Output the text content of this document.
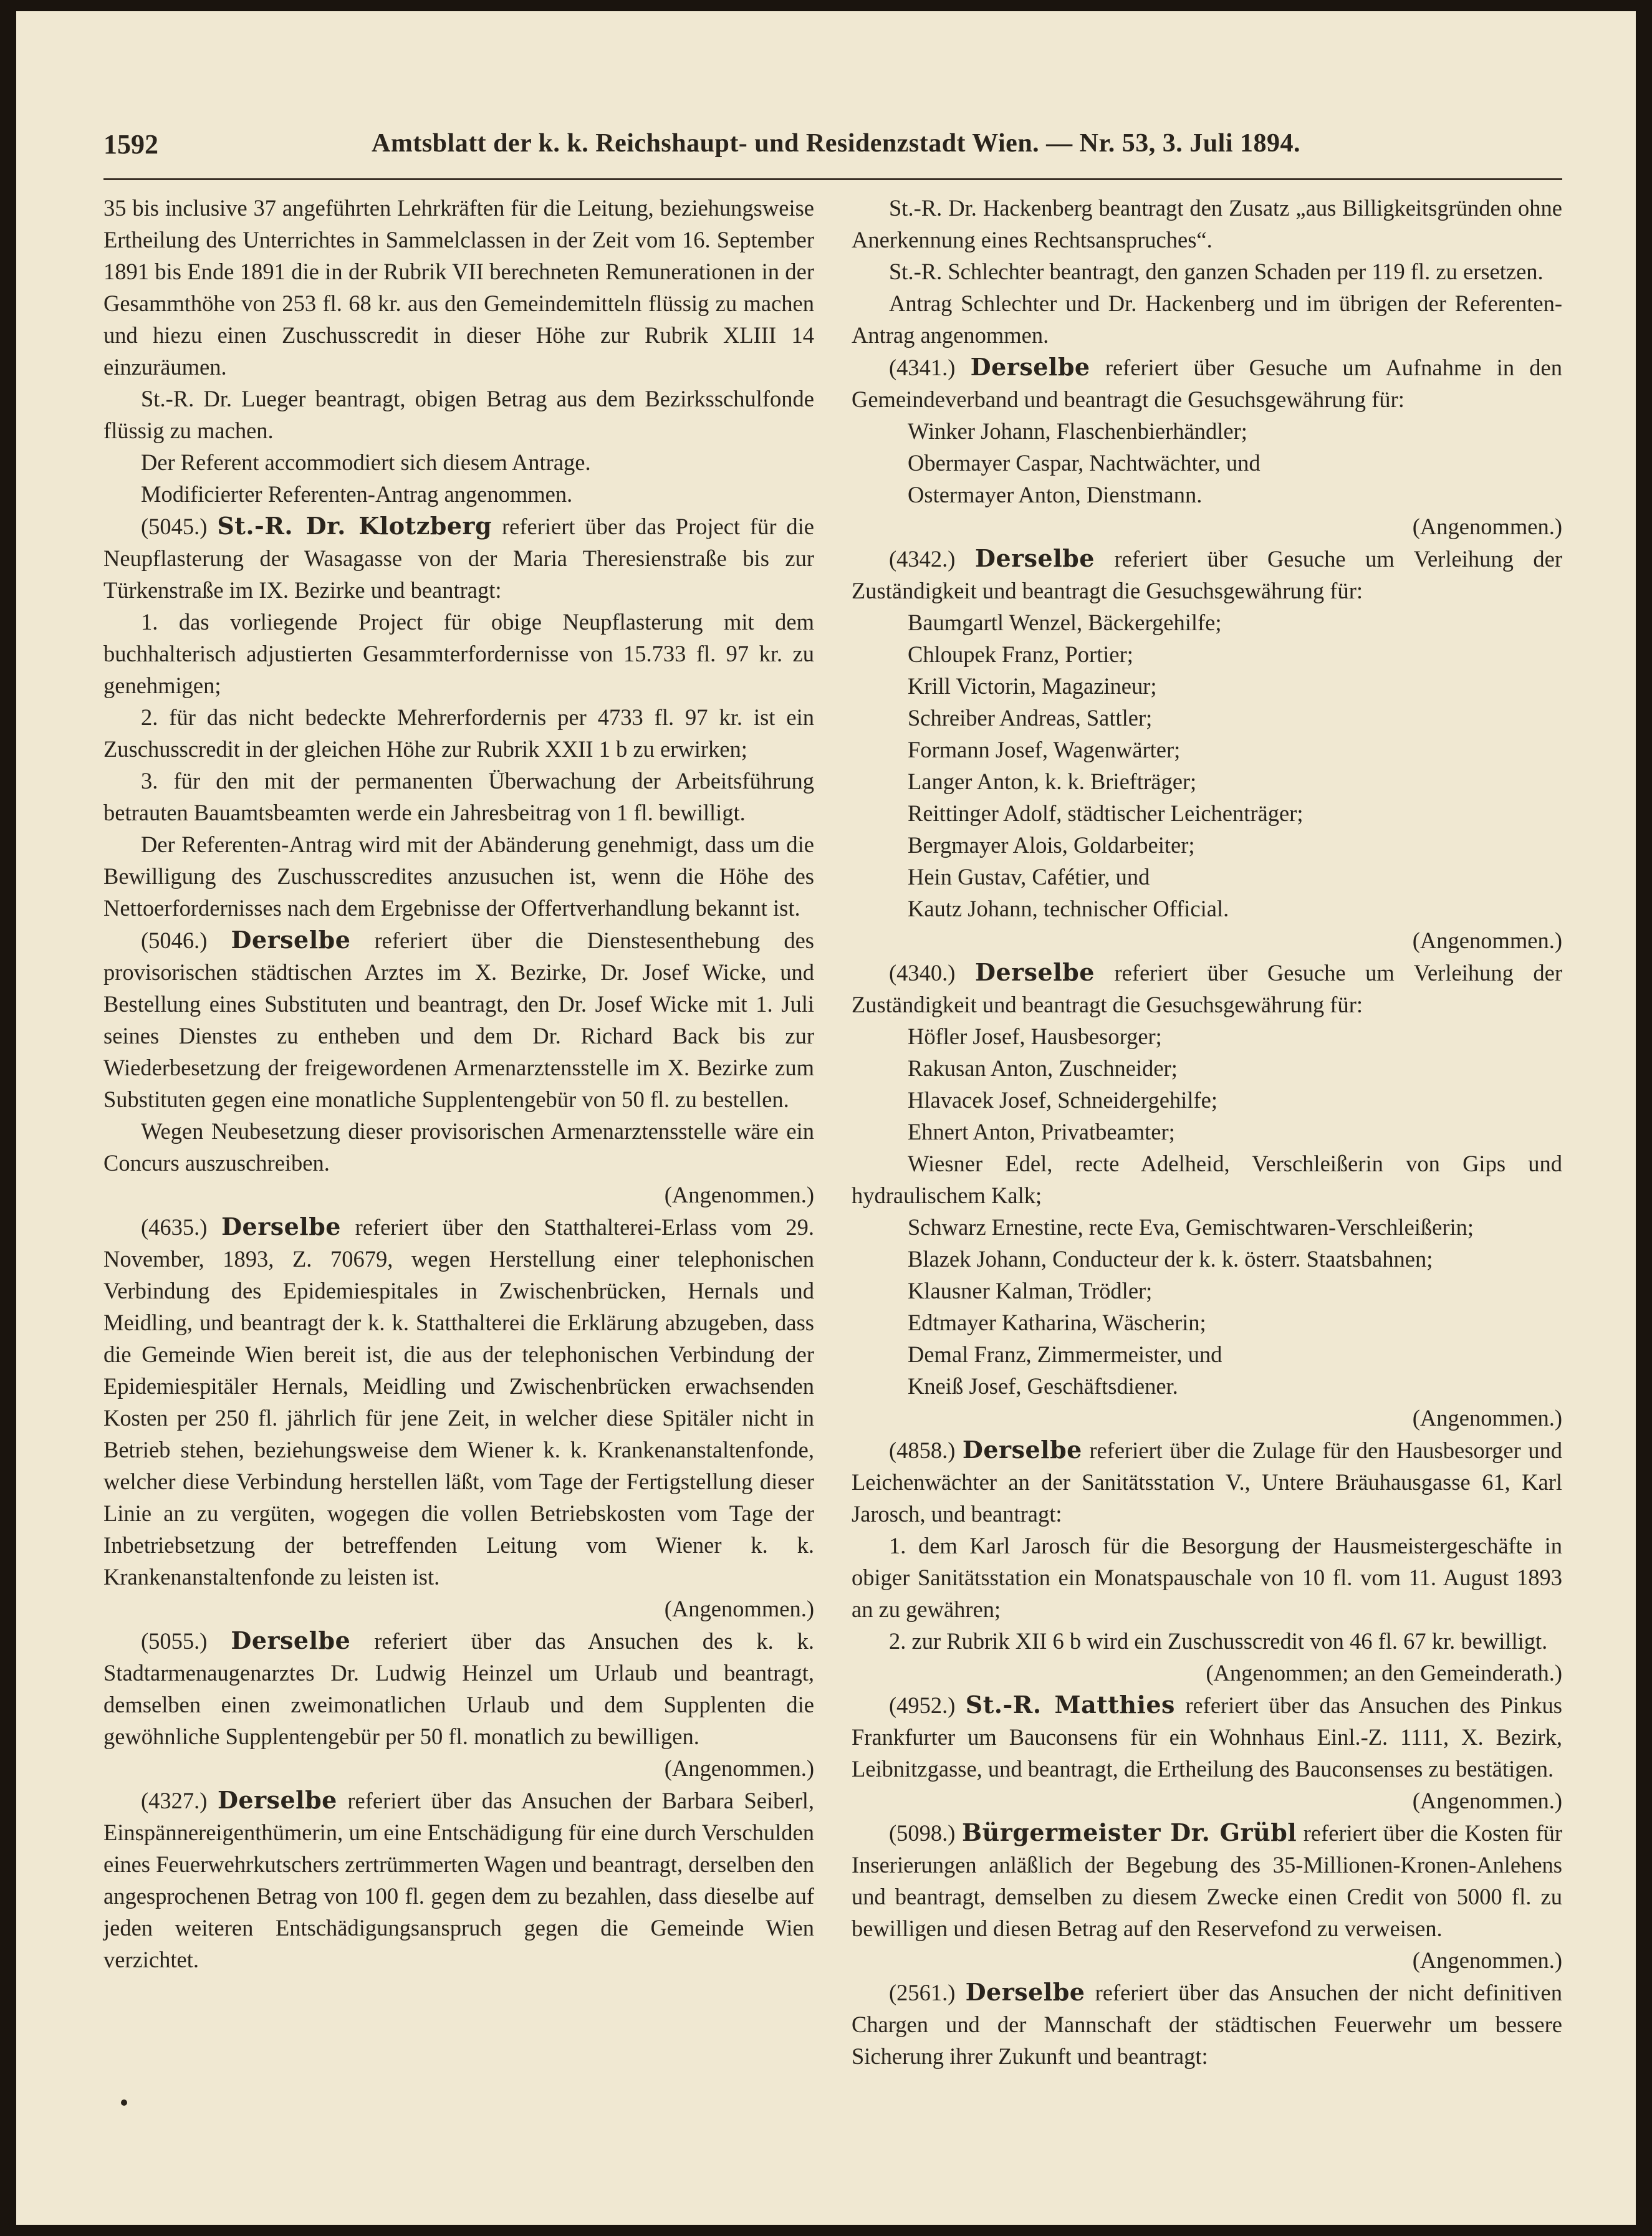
1592	Amtsblatt der k. k. Reichshaupt- und Residenzstadt Wien. — Nr. 53, 3. Juli 1894.

35 bis inclusive 37 angeführten Lehrkräften für die Leitung, beziehungsweise Ertheilung des Unterrichtes in Sammelclassen in der Zeit vom 16. September 1891 bis Ende 1891 die in der Rubrik VII berechneten Remunerationen in der Gesammthöhe von 253 fl. 68 kr. aus den Gemeindemitteln flüssig zu machen und hiezu einen Zuschusscredit in dieser Höhe zur Rubrik XLIII 14 einzuräumen.

St.-R. Dr. Lueger beantragt, obigen Betrag aus dem Bezirksschulfonde flüssig zu machen.

Der Referent accommodiert sich diesem Antrage.

Modificierter Referenten-Antrag angenommen.

(5045.) St.-R. Dr. Klotzberg referiert über das Project für die Neupflasterung der Wasagasse von der Maria Theresienstraße bis zur Türkenstraße im IX. Bezirke und beantragt:

1. das vorliegende Project für obige Neupflasterung mit dem buchhalterisch adjustierten Gesammterfordernisse von 15.733 fl. 97 kr. zu genehmigen;

2. für das nicht bedeckte Mehrerfordernis per 4733 fl. 97 kr. ist ein Zuschusscredit in der gleichen Höhe zur Rubrik XXII 1 b zu erwirken;

3. für den mit der permanenten Überwachung der Arbeitsführung betrauten Bauamtsbeamten werde ein Jahresbeitrag von 1 fl. bewilligt.

Der Referenten-Antrag wird mit der Abänderung genehmigt, dass um die Bewilligung des Zuschusscredites anzusuchen ist, wenn die Höhe des Nettoerfordernisses nach dem Ergebnisse der Offertverhandlung bekannt ist.

(5046.) Derselbe referiert über die Dienstesenthebung des provisorischen städtischen Arztes im X. Bezirke, Dr. Josef Wicke, und Bestellung eines Substituten und beantragt, den Dr. Josef Wicke mit 1. Juli seines Dienstes zu entheben und dem Dr. Richard Back bis zur Wiederbesetzung der freigewordenen Armenarztensstelle im X. Bezirke zum Substituten gegen eine monatliche Supplentengebür von 50 fl. zu bestellen.

Wegen Neubesetzung dieser provisorischen Armenarztensstelle wäre ein Concurs auszuschreiben.

(Angenommen.)

(4635.) Derselbe referiert über den Statthalterei-Erlass vom 29. November, 1893, Z. 70679, wegen Herstellung einer telephonischen Verbindung des Epidemiespitales in Zwischenbrücken, Hernals und Meidling, und beantragt der k. k. Statthalterei die Erklärung abzugeben, dass die Gemeinde Wien bereit ist, die aus der telephonischen Verbindung der Epidemiespitäler Hernals, Meidling und Zwischenbrücken erwachsenden Kosten per 250 fl. jährlich für jene Zeit, in welcher diese Spitäler nicht in Betrieb stehen, beziehungsweise dem Wiener k. k. Krankenanstaltenfonde, welcher diese Verbindung herstellen läßt, vom Tage der Fertigstellung dieser Linie an zu vergüten, wogegen die vollen Betriebskosten vom Tage der Inbetriebsetzung der betreffenden Leitung vom Wiener k. k. Krankenanstaltenfonde zu leisten ist.

(Angenommen.)

(5055.) Derselbe referiert über das Ansuchen des k. k. Stadtarmenaugenarztes Dr. Ludwig Heinzel um Urlaub und beantragt, demselben einen zweimonatlichen Urlaub und dem Supplenten die gewöhnliche Supplentengebür per 50 fl. monatlich zu bewilligen.

(Angenommen.)

(4327.) Derselbe referiert über das Ansuchen der Barbara Seiberl, Einspännereigenthümerin, um eine Entschädigung für eine durch Verschulden eines Feuerwehrkutschers zertrümmerten Wagen und beantragt, derselben den angesprochenen Betrag von 100 fl. gegen dem zu bezahlen, dass dieselbe auf jeden weiteren Entschädigungsanspruch gegen die Gemeinde Wien verzichtet.

St.-R. Dr. Hackenberg beantragt den Zusatz „aus Billigkeitsgründen ohne Anerkennung eines Rechtsanspruches“.

St.-R. Schlechter beantragt, den ganzen Schaden per 119 fl. zu ersetzen.

Antrag Schlechter und Dr. Hackenberg und im übrigen der Referenten-Antrag angenommen.

(4341.) Derselbe referiert über Gesuche um Aufnahme in den Gemeindeverband und beantragt die Gesuchsgewährung für:

Winker Johann, Flaschenbierhändler;

Obermayer Caspar, Nachtwächter, und

Ostermayer Anton, Dienstmann.

(Angenommen.)

(4342.) Derselbe referiert über Gesuche um Verleihung der Zuständigkeit und beantragt die Gesuchsgewährung für:

Baumgartl Wenzel, Bäckergehilfe;

Chloupek Franz, Portier;

Krill Victorin, Magazineur;

Schreiber Andreas, Sattler;

Formann Josef, Wagenwärter;

Langer Anton, k. k. Briefträger;

Reittinger Adolf, städtischer Leichenträger;

Bergmayer Alois, Goldarbeiter;

Hein Gustav, Cafétier, und

Kautz Johann, technischer Official.

(Angenommen.)

(4340.) Derselbe referiert über Gesuche um Verleihung der Zuständigkeit und beantragt die Gesuchsgewährung für:

Höfler Josef, Hausbesorger;

Rakusan Anton, Zuschneider;

Hlavacek Josef, Schneidergehilfe;

Ehnert Anton, Privatbeamter;

Wiesner Edel, recte Adelheid, Verschleißerin von Gips und hydraulischem Kalk;

Schwarz Ernestine, recte Eva, Gemischtwaren-Verschleißerin;

Blazek Johann, Conducteur der k. k. österr. Staatsbahnen;

Klausner Kalman, Trödler;

Edtmayer Katharina, Wäscherin;

Demal Franz, Zimmermeister, und

Kneiß Josef, Geschäftsdiener.

(Angenommen.)

(4858.) Derselbe referiert über die Zulage für den Hausbesorger und Leichenwächter an der Sanitätsstation V., Untere Bräuhausgasse 61, Karl Jarosch, und beantragt:

1. dem Karl Jarosch für die Besorgung der Hausmeistergeschäfte in obiger Sanitätsstation ein Monatspauschale von 10 fl. vom 11. August 1893 an zu gewähren;

2. zur Rubrik XII 6 b wird ein Zuschusscredit von 46 fl. 67 kr. bewilligt.

(Angenommen; an den Gemeinderath.)

(4952.) St.-R. Matthies referiert über das Ansuchen des Pinkus Frankfurter um Bauconsens für ein Wohnhaus Einl.-Z. 1111, X. Bezirk, Leibnitzgasse, und beantragt, die Ertheilung des Bauconsenses zu bestätigen.

(Angenommen.)

(5098.) Bürgermeister Dr. Grübl referiert über die Kosten für Inserierungen anläßlich der Begebung des 35-Millionen-Kronen-Anlehens und beantragt, demselben zu diesem Zwecke einen Credit von 5000 fl. zu bewilligen und diesen Betrag auf den Reservefond zu verweisen.

(Angenommen.)

(2561.) Derselbe referiert über das Ansuchen der nicht definitiven Chargen und der Mannschaft der städtischen Feuerwehr um bessere Sicherung ihrer Zukunft und beantragt:
